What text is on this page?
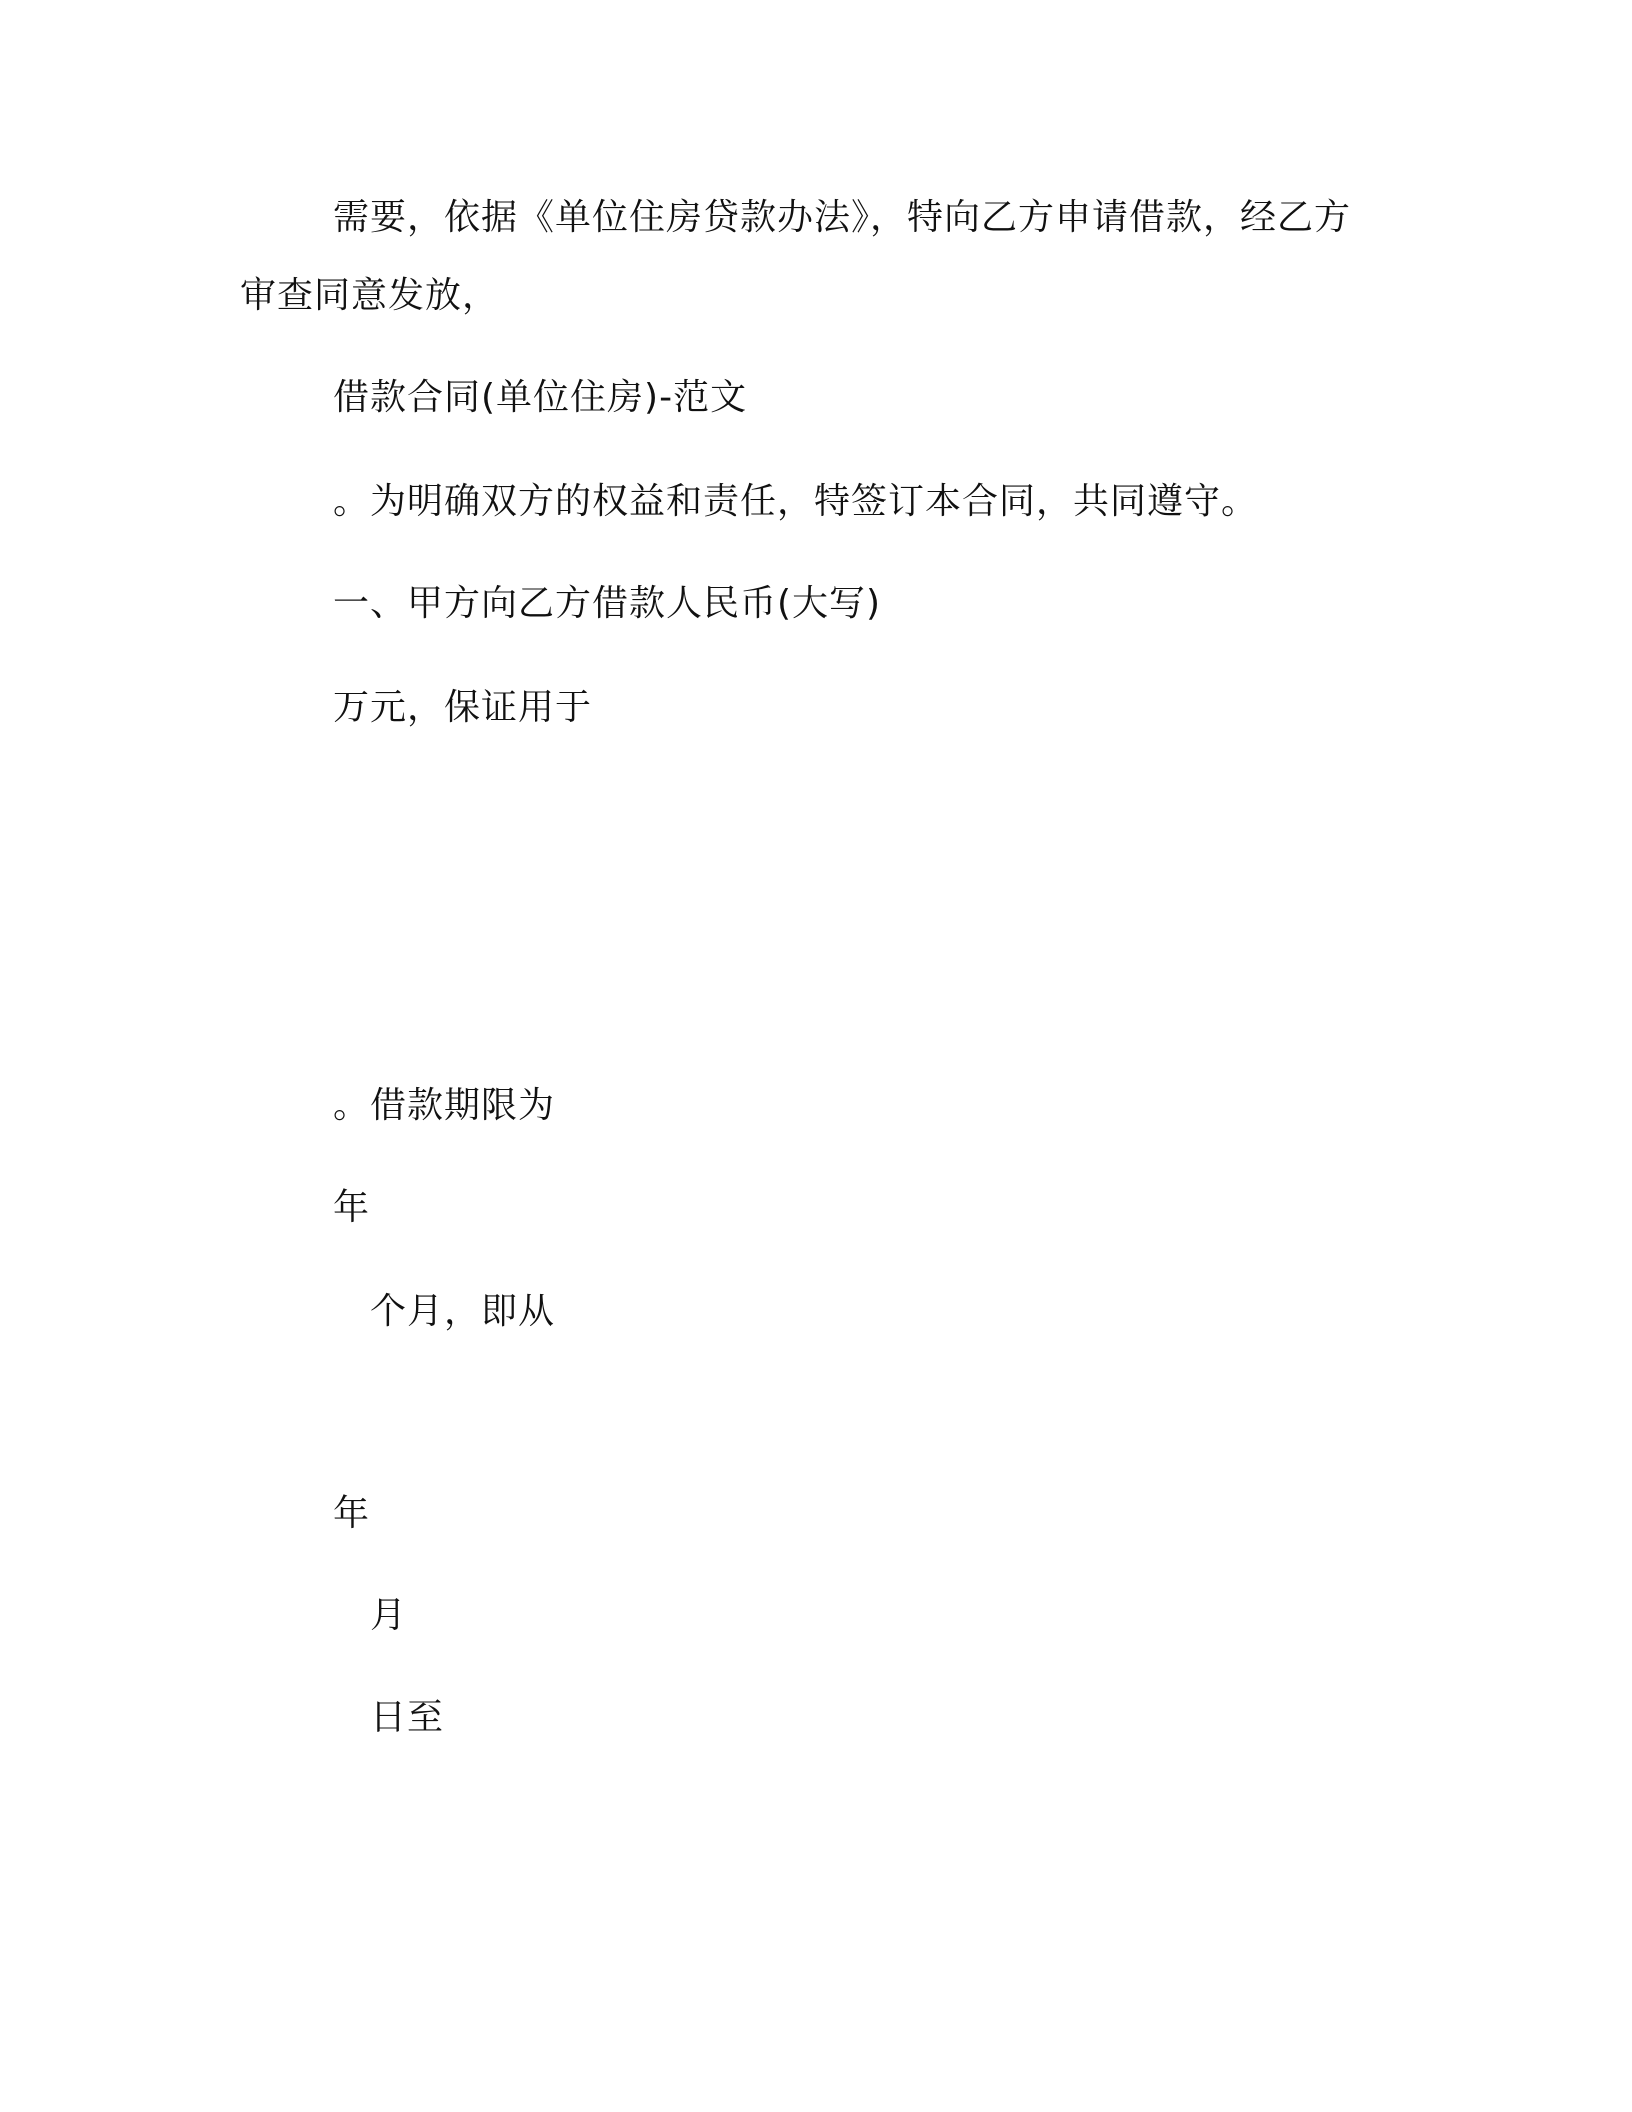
需要，依据《单位住房贷款办法》，特向乙方申请借款，经乙方
审查同意发放，
借款合同(单位住房)-范文
。为明确双方的权益和责任，特签订本合同，共同遵守。
一、甲方向乙方借款人民币(大写)
万元，保证用于
。借款期限为
年
个月，即从
年
月
日至
